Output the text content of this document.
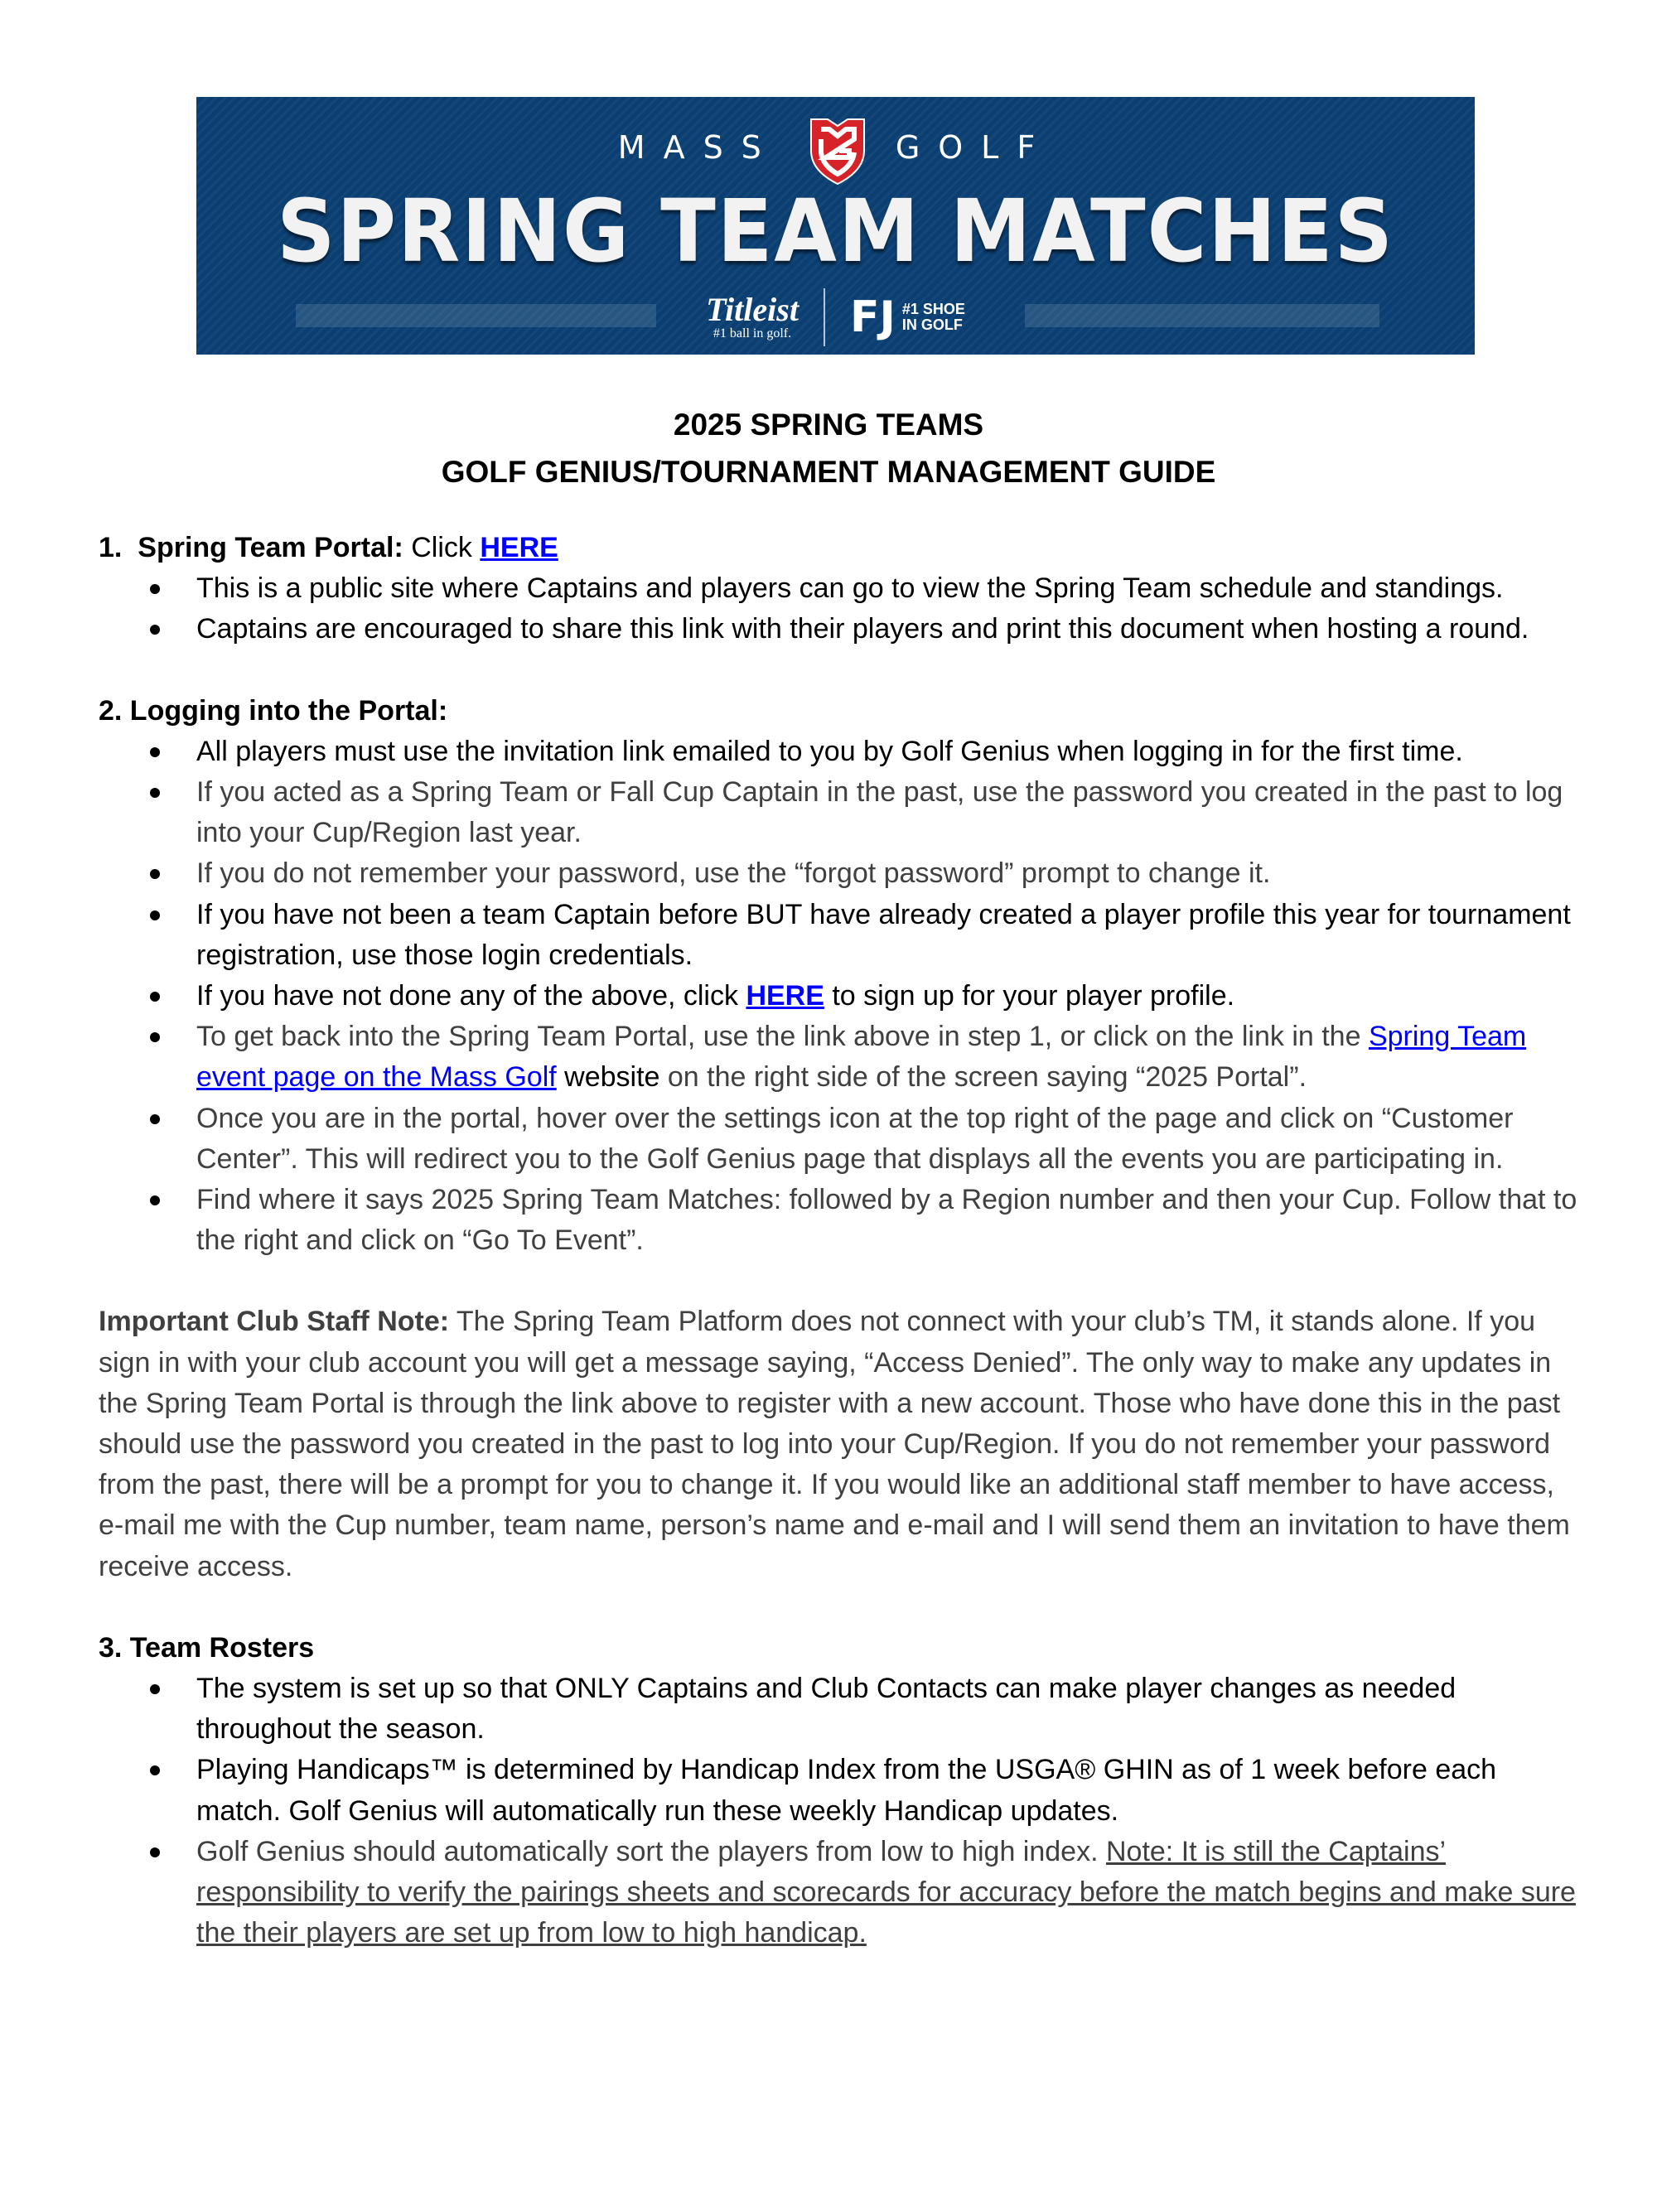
MASS	GOLF
SPRING TEAM MATCHES
Titleist
#1 ball in golf. FJ #1 SHOE
IN GOLF
2025 SPRING TEAMS
GOLF GENIUS/TOURNAMENT MANAGEMENT GUIDE

1. Spring Team Portal: Click HERE

This is a public site where Captains and players can go to view the Spring Team schedule and standings.
Captains are encouraged to share this link with their players and print this document when hosting a round.

2. Logging into the Portal:

All players must use the invitation link emailed to you by Golf Genius when logging in for the first time.
If you acted as a Spring Team or Fall Cup Captain in the past, use the password you created in the past to log into your Cup/Region last year.
If you do not remember your password, use the “forgot password” prompt to change it.
If you have not been a team Captain before BUT have already created a player profile this year for tournament registration, use those login credentials.
If you have not done any of the above, click HERE to sign up for your player profile.
To get back into the Spring Team Portal, use the link above in step 1, or click on the link in the Spring Team event page on the Mass Golf website on the right side of the screen saying “2025 Portal”.
Once you are in the portal, hover over the settings icon at the top right of the page and click on “Customer Center”. This will redirect you to the Golf Genius page that displays all the events you are participating in.
Find where it says 2025 Spring Team Matches: followed by a Region number and then your Cup. Follow that to the right and click on “Go To Event”.

Important Club Staff Note: The Spring Team Platform does not connect with your club’s TM, it stands alone. If you sign in with your club account you will get a message saying, “Access Denied”. The only way to make any updates in the Spring Team Portal is through the link above to register with a new account. Those who have done this in the past should use the password you created in the past to log into your Cup/Region. If you do not remember your password from the past, there will be a prompt for you to change it. If you would like an additional staff member to have access, e-mail me with the Cup number, team name, person’s name and e-mail and I will send them an invitation to have them receive access.

3. Team Rosters

The system is set up so that ONLY Captains and Club Contacts can make player changes as needed throughout the season.
Playing Handicaps™ is determined by Handicap Index from the USGA® GHIN as of 1 week before each match. Golf Genius will automatically run these weekly Handicap updates.
Golf Genius should automatically sort the players from low to high index. Note: It is still the Captains’ responsibility to verify the pairings sheets and scorecards for accuracy before the match begins and make sure the their players are set up from low to high handicap.
